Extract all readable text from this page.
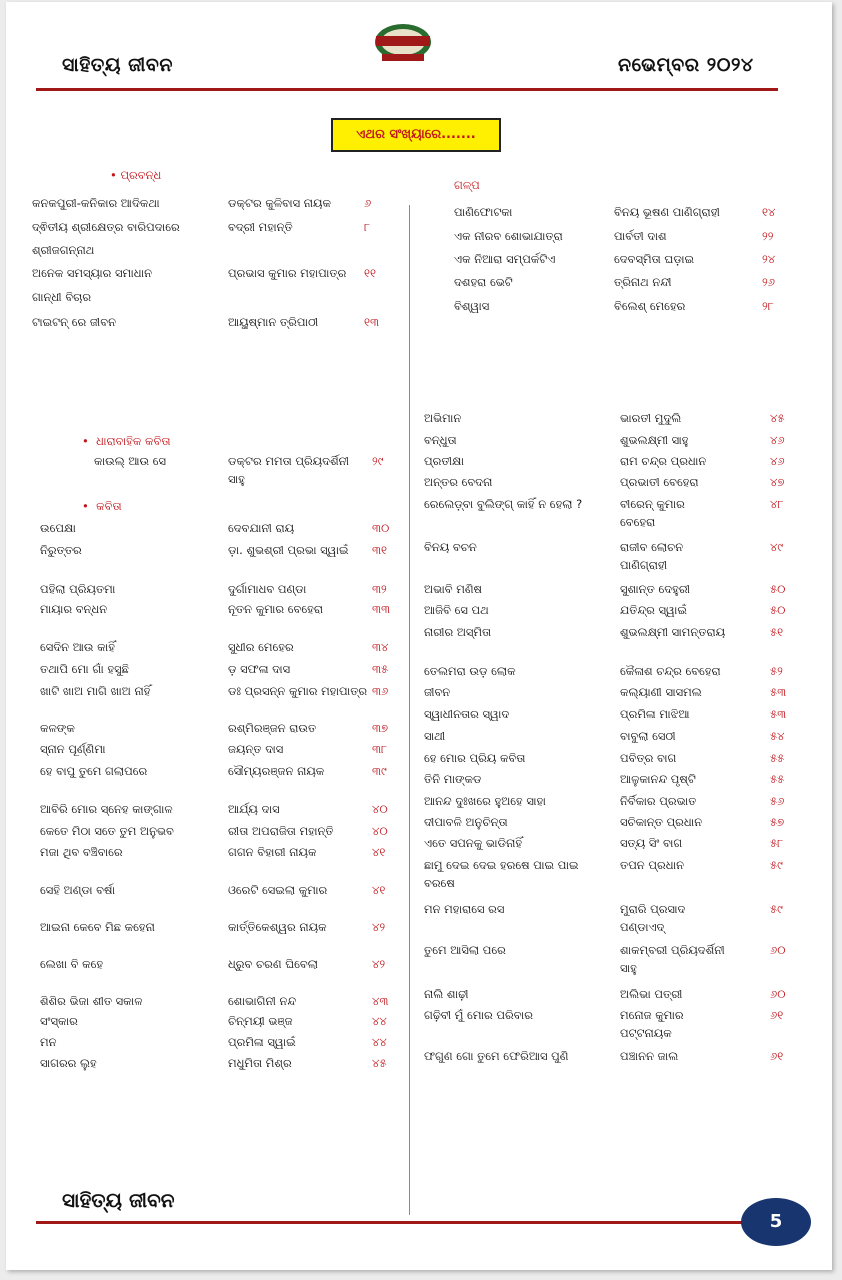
ସାହିତ୍ୟ ଜୀବନ	ନଭେମ୍ବର ୨୦୨୪
ଏଥର ସଂଖ୍ୟାରେ.......
• ପ୍ରବନ୍ଧ
ଗଳ୍ପ
•  ଧାରାବାହିକ କବିତା
•  କବିତା
କନକପୁରୀ-କନିକାର ଆଦିକଥା	ଡକ୍ଟର କୁଳିବାସ ନାୟକ	୬
ଦ୍ଵିତୀୟ ଶ୍ରୀକ୍ଷେତ୍ର ବାରିପଦାରେ	ବଦ୍ରୀ ମହାନ୍ତି	୮
ଶ୍ରୀଜଗନ୍ନାଥ
ଅନେକ ସମସ୍ୟାର ସମାଧାନ	ପ୍ରଭାସ କୁମାର ମହାପାତ୍ର ୧୧
ଗାନ୍ଧୀ ବିଚାର
ଟାଇଟନ୍ ରେ ଜୀବନ	ଆୟୁଷ୍ମାନ ତ୍ରିପାଠୀ	୧୩
ପାଣିଫୋଟକା	ବିନୟ ଭୂଷଣ ପାଣିଗ୍ରାହୀ	୧୪
ଏକ ନୀରବ ଶୋଭାଯାତ୍ରା	ପାର୍ବତୀ ଦାଶ	୨୨
ଏକ ନିଆରା ସମ୍ପର୍କଟିଏ	ଦେବସ୍ମିତା ଘଡ଼ାଇ	୨୪
ଦଶହରା ଭେଟି	ତ୍ରିନାଥ ନନ୍ଦୀ	୨୬
ବିଶ୍ୱାସ	ବିଲେଶ୍ ମେହେର	୨୮
କାଉଲ୍ ଆଉ ସେ	ଡକ୍ଟର ମମତା ପ୍ରିୟଦର୍ଶିନୀ
ସାହୁ
୨୯
ଉପେକ୍ଷା	ଦେବଯାନୀ ରାୟ	୩୦
ନିରୁତ୍ତର	ଡ଼ା. ଶୁଭଶ୍ରୀ ପ୍ରଭା ସ୍ୱାଇଁ ୩୧
ପହିଲା ପ୍ରିୟତମା	ଦୁର୍ଗାମାଧବ ପଣ୍ଡା	୩୨
ମାୟାର ବନ୍ଧନ	ନୂତନ କୁମାର ବେହେରା	୩୩
ସେଦିନ ଆଉ କାହିଁ	ସୁଧୀର ମେହେର	୩୪
ତଥାପି ମୋ ଗାଁ ହସୁଛି	ଡ଼ ସଫଳା ଦାସ	୩୫
ଖାଟି ଖାଅ ମାଗି ଖାଅ ନାହିଁ	ଡଃ ପ୍ରସନ୍ନ କୁମାର ମହାପାତ୍ର ୩୬
କଳଙ୍କ	ରଶ୍ମିରଞ୍ଜନ ରାଉତ	୩୭
ସ୍ନାନ ପୂର୍ଣ୍ଣିମା	ଜୟନ୍ତ ଦାସ	୩୮
ହେ ବାପୁ ତୁମେ ଗଲାପରେ	ସୌମ୍ୟରଞ୍ଜନ ନାୟକ	୩୯
ଆବିରି ମୋର ସ୍ନେହ କାଙ୍ଗାଳ	ଆର୍ଯ୍ୟ ଦାସ	୪୦
କେତେ ମିଠା ସତେ ତୁମ ଅନୁଭବ	ରୀତା ଅପରାଜିତା ମହାନ୍ତି	୪୦
ମଜା ଥିବ ବଞ୍ଚିବାରେ	ଗଗନ ବିହାରୀ ନାୟକ	୪୧
ସେହି ଅଣ୍ଡା ବର୍ଷା	ଓରେଟି ସେଇଲା କୁମାର	୪୧
ଆଇନା କେବେ ମିଛ କହେନା	କାର୍ତ୍ତିକେଶ୍ୱର ନାୟକ	୪୨
ଲେଖା ବି କହେ	ଧ୍ରୁବ ଚରଣ ଘିବେଲା	୪୨
ଶିଶିର ଭିଜା ଶୀତ ସକାଳ	ଶୋଭାଗିନୀ ନନ୍ଦ	୪୩
ସଂସ୍କାର	ଚିନ୍ମୟୀ ଭଞ୍ଜ	୪୪
ମନ	ପ୍ରମିଳା ସ୍ୱାଇଁ	୪୪
ସାଗରର ଲୁହ	ମଧୁମିତା ମିଶ୍ର	୪୫
ଅଭିମାନ	ଭାରତୀ ମୁଦୁଲି	୪୫
ବନ୍ଧୁତା	ଶୁଭଲକ୍ଷ୍ମୀ ସାହୁ	୪୬
ପ୍ରତୀକ୍ଷା	ରାମ ଚନ୍ଦ୍ର ପ୍ରଧାନ	୪୬
ଅନ୍ତର ବେଦନା	ପ୍ରଭାତୀ ବେହେରା	୪୭
ରେଲେଡ଼୍ବା ବୁଲିଙ୍ଗ୍ କାହିଁ ନ ହେଲା ?	ବୀରେନ୍ କୁମାର
ବେହେରା
୪୮
ବିନୟ ବଚନ	ରାଜୀବ ଲୋଚନ
ପାଣିଗ୍ରାହୀ
୪୯
ଅଭାବି ମଣିଷ	ସୁଶାନ୍ତ ଦେହୁରୀ	୫୦
ଆଜିବି ସେ ପଥ	ଯତିନ୍ଦ୍ର ସ୍ୱାଇଁ	୫୦
ନାରୀର ଅସ୍ମିତା	ଶୁଭଲକ୍ଷ୍ମୀ ସାମନ୍ତରାୟ	୫୧
ତେଲମରା ଉଡ଼ ଲୋକ	କୈଳାଶ ଚନ୍ଦ୍ର ବେହେରା	୫୨
ଜୀବନ	କଲ୍ୟାଣୀ ସାସମଲ	୫୩
ସ୍ୱାଧୀନତାର ସ୍ୱାଦ	ପ୍ରମିଳା ମାଝିଆ	୫୩
ସାଥୀ	ବାବୁଲା ସେଠୀ	୫୪
ହେ ମୋର ପ୍ରିୟ କବିତା	ପବିତ୍ର ବାଗ	୫୫
ତିନି ମାଙ୍କଡ	ଆଳୁକାନନ୍ଦ ପୃଷ୍ଟି	୫୫
ଆନନ୍ଦ ଦୁଃଖରେ ହୁଅହେ ସାହା	ନିର୍ବିକାର ପ୍ରଭାତ	୫୬
ଦୀପାବଳି ଅନୁଚିନ୍ତା	ସଚିକାନ୍ତ ପ୍ରଧାନ	୫୭
ଏତେ ସପନକୁ ଭାଡିନାହିଁ	ସତ୍ୟ ସିଂ ବାଗ	୫୮
ଛାମୁ ଦେଇ ଦେଇ ହରଷେ ପାଇ ପାଇ
ବରଷେ
ତପନ ପ୍ରଧାନ	୫୯
ମନ ମହାରାସେ ରସ	ମୁରାରି ପ୍ରସାଦ
ପଣ୍ଡାଏଦ୍
୫୯
ତୁମେ ଆସିଲା ପରେ	ଶାକମ୍ବରୀ ପ୍ରିୟଦର୍ଶିନୀ
ସାହୁ
୬୦
ନାଲି ଶାଢ଼ୀ	ଅଲିଭା ପତ୍ରୀ	୬୦
ଗଢ଼ିବୀ ମୁଁ ମୋର ପରିବାର	ମନୋଜ କୁମାର
ପଟ୍ଟନାୟକ
୬୧
ଫଗୁଣ ଗୋ ତୁମେ ଫେରିଆସ ପୁଣି	ପଞ୍ଚାନନ ଜାଲ	୬୧
ସାହିତ୍ୟ ଜୀବନ
5
